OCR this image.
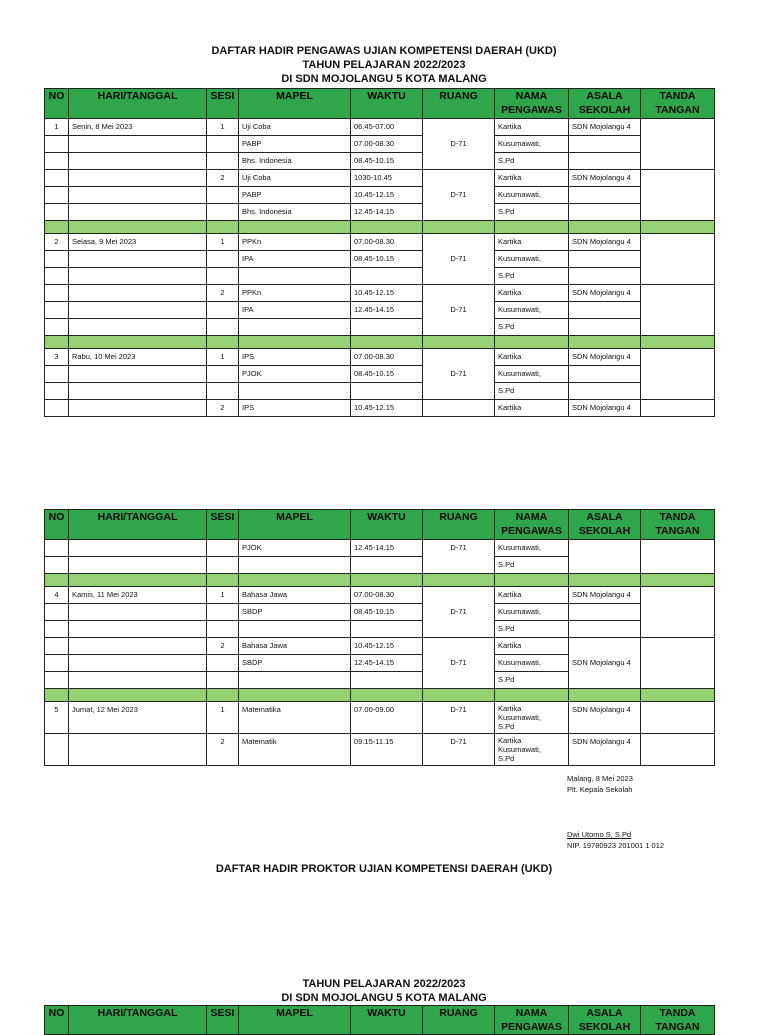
DAFTAR HADIR PENGAWAS UJIAN KOMPETENSI DAERAH (UKD)
TAHUN PELAJARAN 2022/2023
DI SDN MOJOLANGU 5 KOTA MALANG
NO	HARI/TANGGAL	SESI	MAPEL	WAKTU	RUANG	NAMA PENGAWAS	ASALA SEKOLAH	TANDA TANGAN
1	Senin, 8 Mei 2023	1	Uji Coba	06.45-07.00	D-71	Kartika	SDN Mojolangu 4	
			PABP	07.00-08.30		Kusumawati,		
			Bhs. Indonesia	08.45-10.15		S.Pd		
		2	Uji Coba	1030-10.45	D-71	Kartika	SDN Mojolangu 4	
			PABP	10.45-12.15		Kusumawati,		
			Bhs. Indonesia	12.45-14.15		S.Pd		

2	Selasa, 9 Mei 2023	1	PPKn	07.00-08.30	D-71	Kartika	SDN Mojolangu 4	
			IPA	08.45-10.15		Kusumawati,		
						S.Pd		
		2	PPKn	10.45-12.15	D-71	Kartika	SDN Mojolangu 4	
			IPA	12.45-14.15		Kusumawati,		
						S.Pd		

3	Rabu, 10 Mei 2023	1	IPS	07.00-08.30	D-71	Kartika	SDN Mojolangu 4	
			PJOK	08.45-10.15		Kusumawati,		
						S.Pd		
		2	IPS	10.45-12.15		Kartika	SDN Mojolangu 4	
NO	HARI/TANGGAL	SESI	MAPEL	WAKTU	RUANG	NAMA PENGAWAS	ASALA SEKOLAH	TANDA TANGAN
			PJOK	12.45-14.15	D-71	Kusumawati,		
						S.Pd		

4	Kamis, 11 Mei 2023	1	Bahasa Jawa	07.00-08.30	D-71	Kartika	SDN Mojolangu 4	
			SBDP	08.45-10.15		Kusumawati,		
						S.Pd		
		2	Bahasa Jawa	10.45-12.15	D-71	Kartika	SDN Mojolangu 4	
			SBDP	12.45-14.15		Kusumawati,		
						S.Pd		

5	Jumat, 12 Mei 2023	1	Matematika	07.00-09.00	D-71	Kartika
Kusumawati,
S.Pd	SDN Mojolangu 4	
		2	Matematik	09.15-11.15	D-71	Kartika
Kusumawati,
S.Pd	SDN Mojolangu 4	
Malang, 8 Mei 2023
Plt. Kepala Sekolah
Dwi Utomo S, S.Pd
NIP. 19780923 201001 1 012
DAFTAR HADIR PROKTOR UJIAN KOMPETENSI DAERAH (UKD)
TAHUN PELAJARAN 2022/2023
DI SDN MOJOLANGU 5 KOTA MALANG
NO	HARI/TANGGAL	SESI	MAPEL	WAKTU	RUANG	NAMA PENGAWAS	ASALA SEKOLAH	TANDA TANGAN
